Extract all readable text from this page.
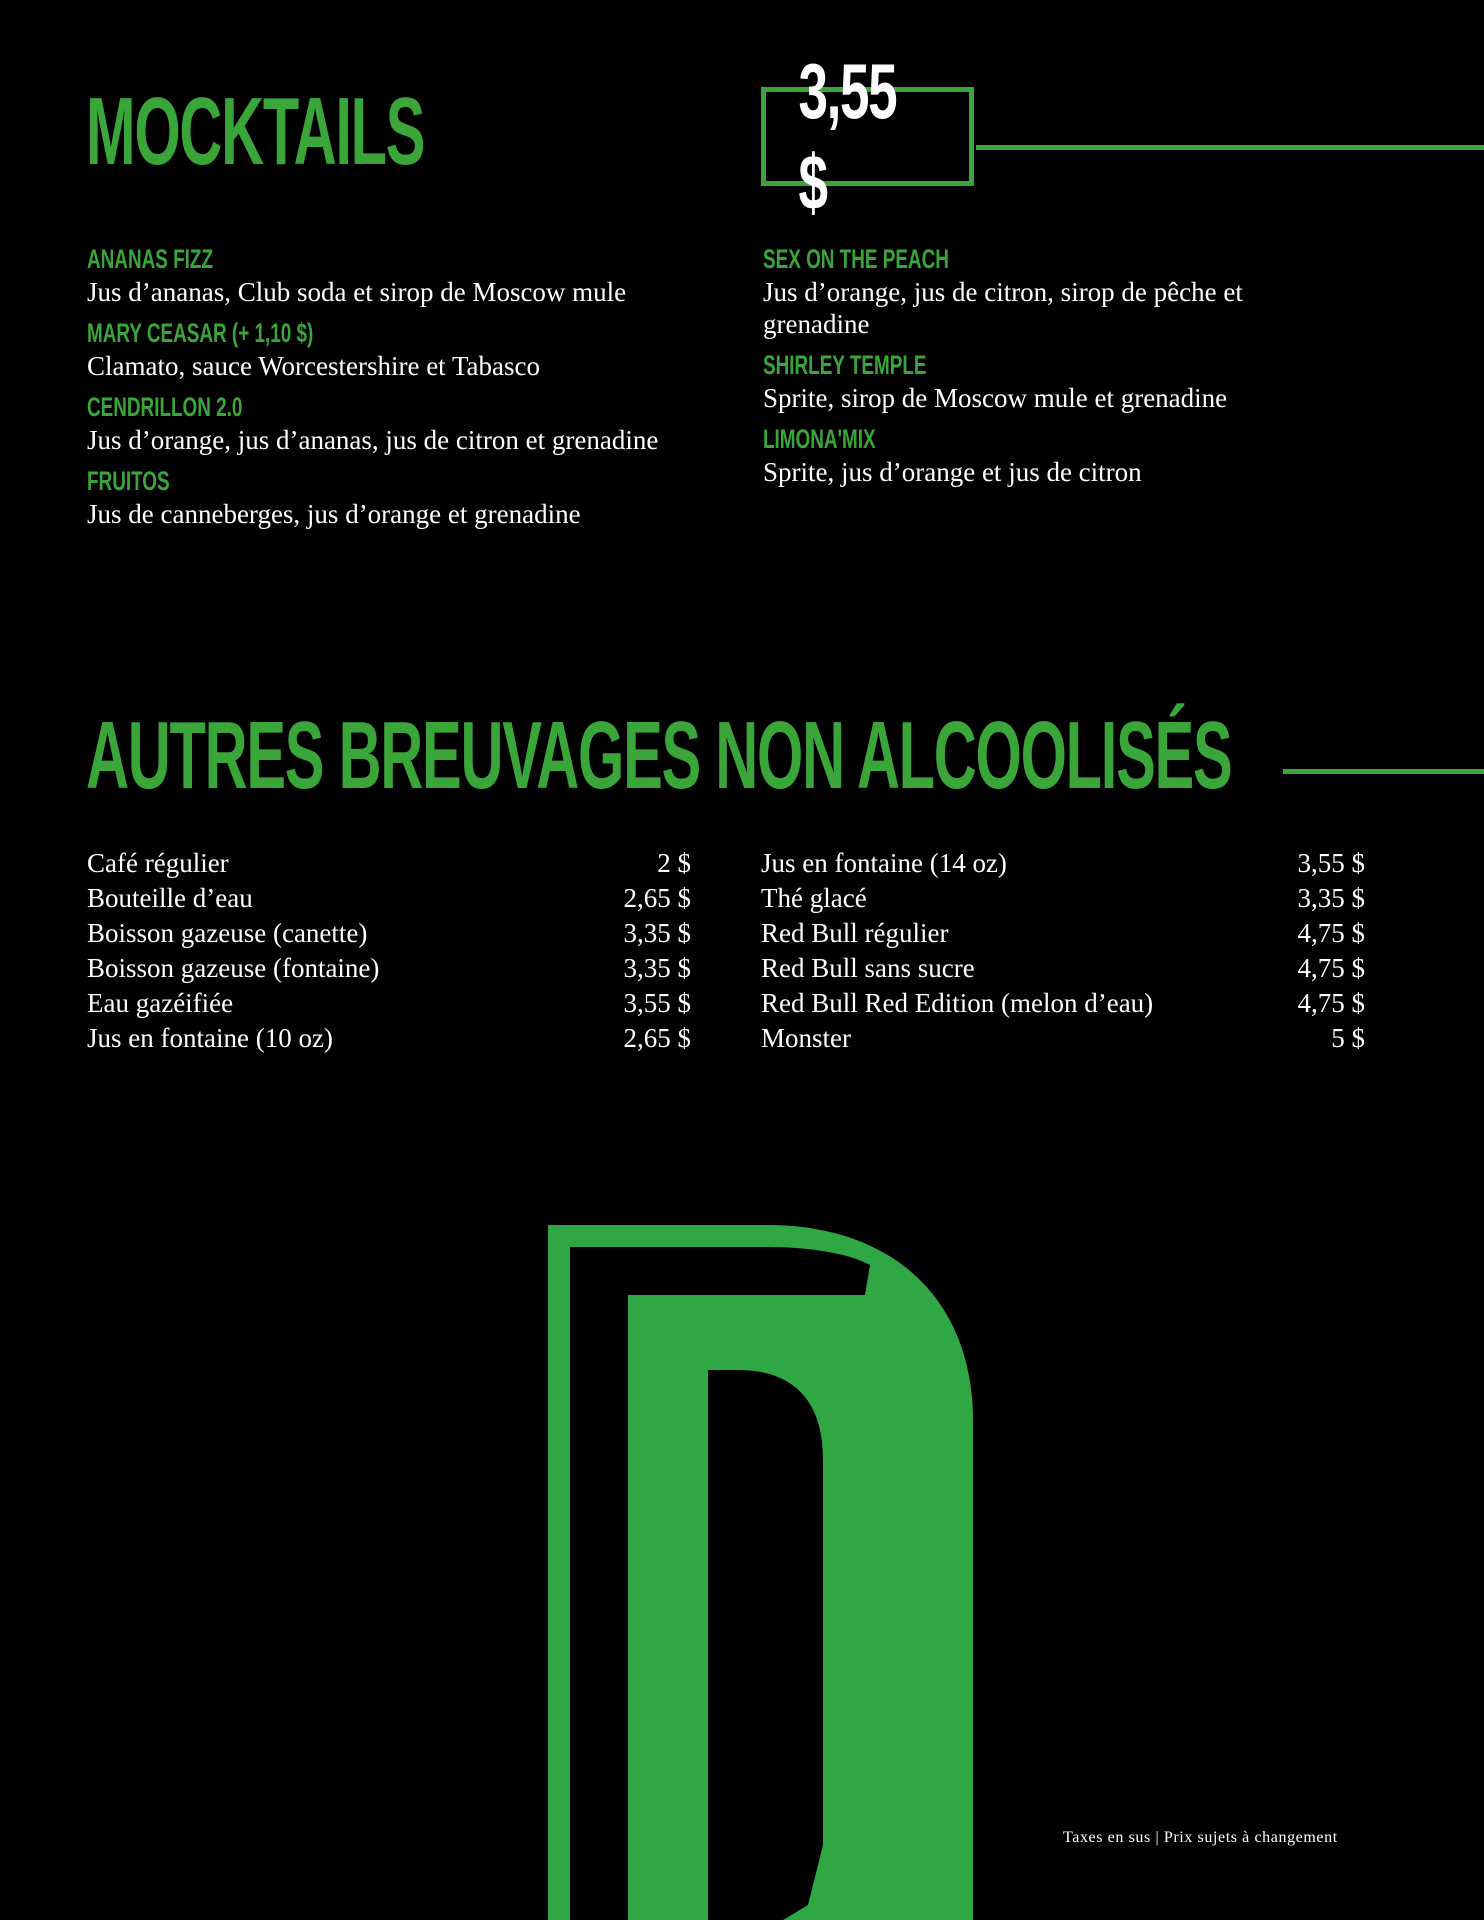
MOCKTAILS	3,55 $
ANANAS FIZZ
Jus d’ananas, Club soda et sirop de Moscow mule
MARY CEASAR (+ 1,10 $)
Clamato, sauce Worcestershire et Tabasco
CENDRILLON 2.0
Jus d’orange, jus d’ananas, jus de citron et grenadine
FRUITOS
Jus de canneberges, jus d’orange et grenadine
SEX ON THE PEACH
Jus d’orange, jus de citron, sirop de pêche et grenadine
SHIRLEY TEMPLE
Sprite, sirop de Moscow mule et grenadine
LIMONA'MIX
Sprite, jus d’orange et jus de citron
AUTRES BREUVAGES NON ALCOOLISÉS
Café régulier	2 $
Bouteille d’eau	2,65 $
Boisson gazeuse (canette)	3,35 $
Boisson gazeuse (fontaine)	3,35 $
Eau gazéifiée	3,55 $
Jus en fontaine (10 oz)	2,65 $
Jus en fontaine (14 oz)	3,55 $
Thé glacé	3,35 $
Red Bull régulier	4,75 $
Red Bull sans sucre	4,75 $
Red Bull Red Edition (melon d’eau)	4,75 $
Monster	5 $
Taxes en sus | Prix sujets à changement
